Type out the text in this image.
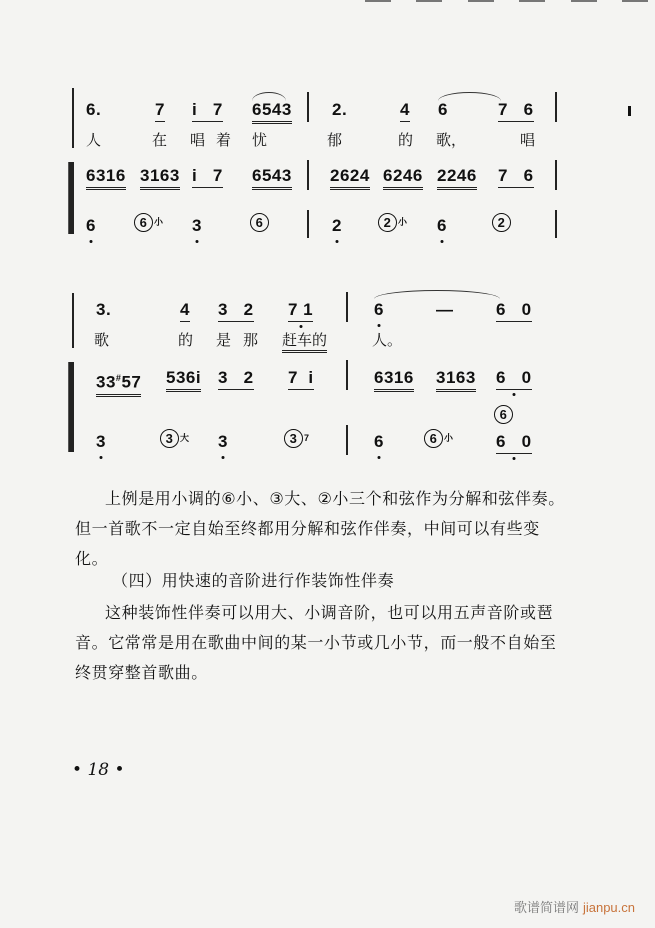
6.	7 i   7 6543 2.	4 6	7   6
人	在 唱 着 忧	郁	的 歌，	唱
6316 3163 i   7 6543 2624 6246 2246 7   6
6	6 $^小$ 3	6	2	2 $^小$ 6	2
3.	4 3   2 7 1	6	—	6   0
歌	的 是 那 赶车的	人。
33#57 536i 3   2 7  i	6316 3163 6   0
6
3	3 $^大$ 3	3 $^7$	6	6 $^小$ 6   0
上例是用小调的⑥小、③大、②小三个和弦作为分解和弦伴奏。但一首歌不一定自始至终都用分解和弦作伴奏，中间可以有些变化。
（四）用快速的音阶进行作装饰性伴奏
这种装饰性伴奏可以用大、小调音阶，也可以用五声音阶或琶音。它常常是用在歌曲中间的某一小节或几小节，而一般不自始至终贯穿整首歌曲。
• 18 •
歌谱简谱网 jianpu.cn
